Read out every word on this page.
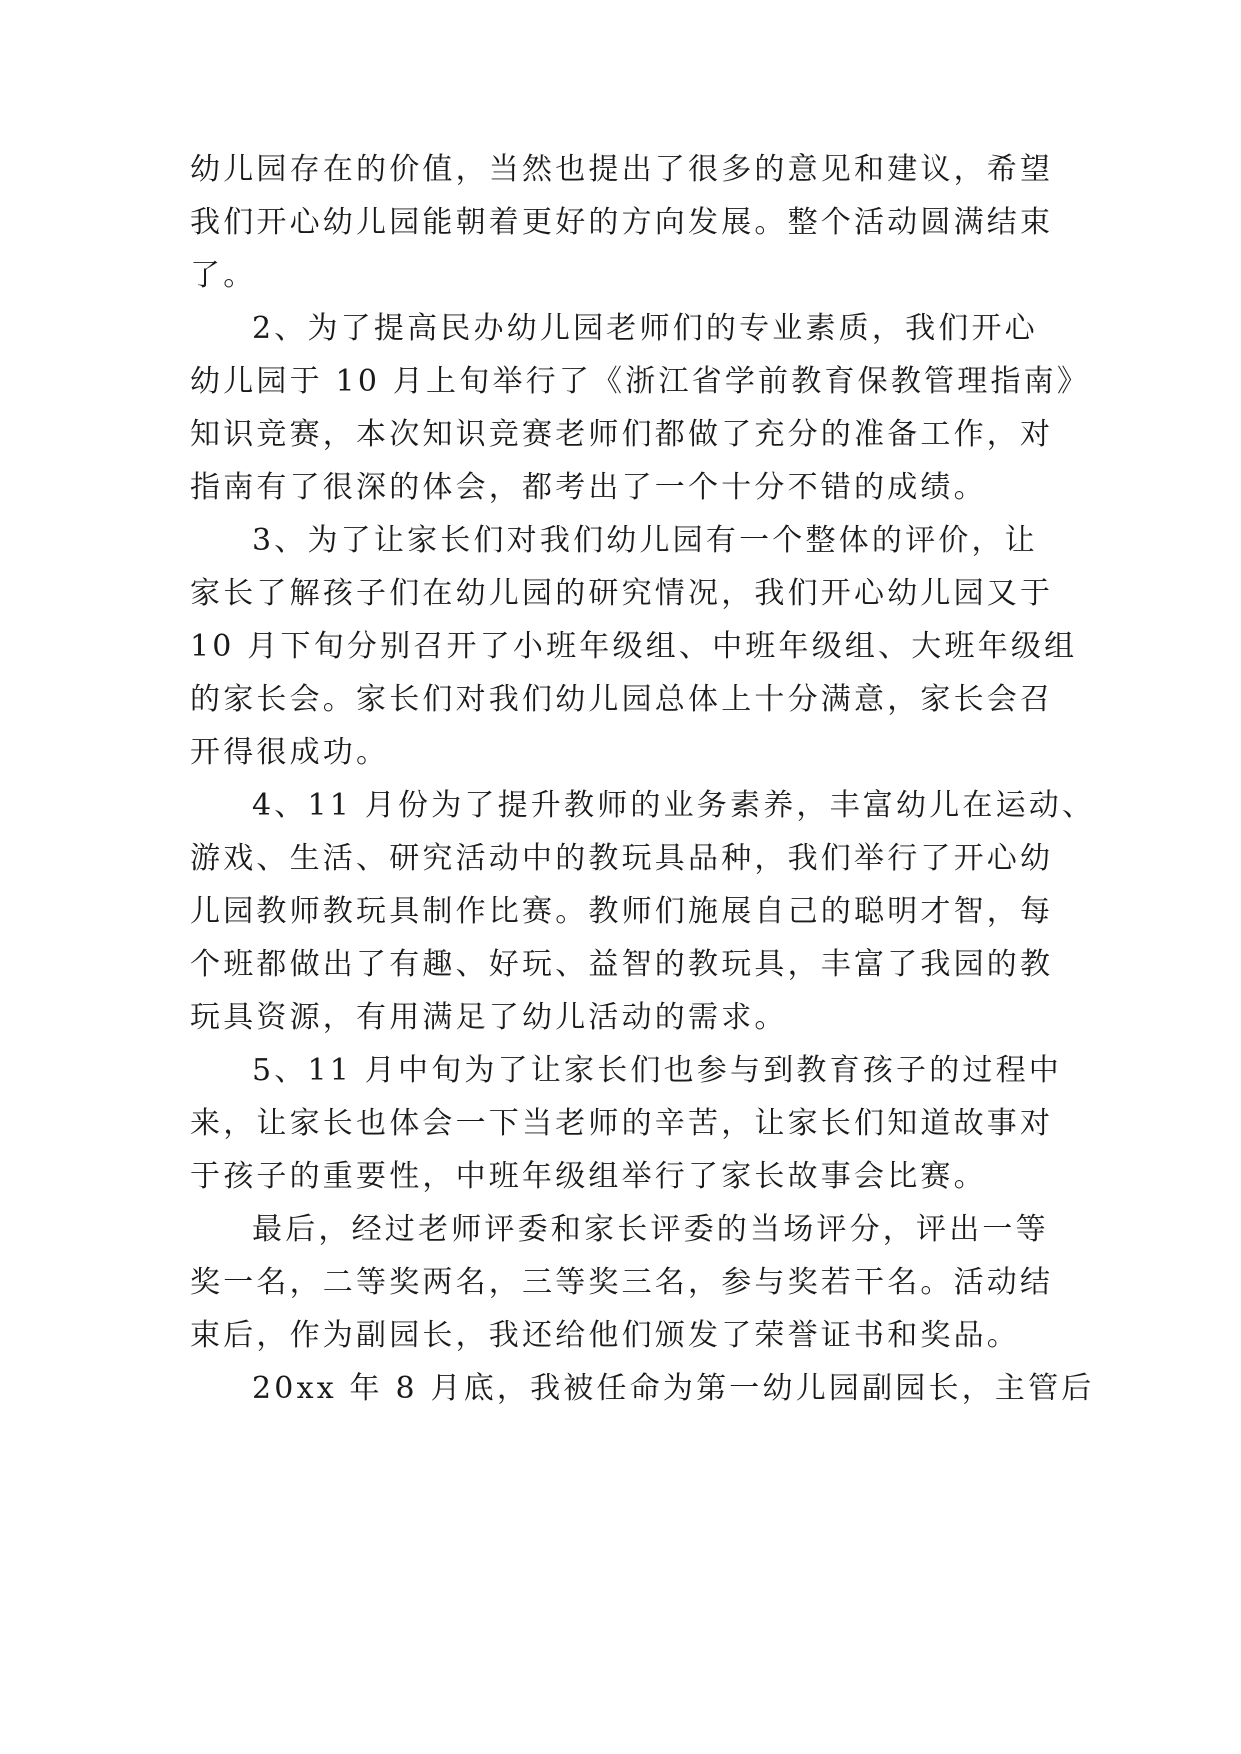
幼儿园存在的价值，当然也提出了很多的意见和建议，希望
我们开心幼儿园能朝着更好的方向发展。整个活动圆满结束
了。
2、为了提高民办幼儿园老师们的专业素质，我们开心
幼儿园于 10 月上旬举行了《浙江省学前教育保教管理指南》
知识竞赛，本次知识竞赛老师们都做了充分的准备工作，对
指南有了很深的体会，都考出了一个十分不错的成绩。
3、为了让家长们对我们幼儿园有一个整体的评价，让
家长了解孩子们在幼儿园的研究情况，我们开心幼儿园又于
10 月下旬分别召开了小班年级组、中班年级组、大班年级组
的家长会。家长们对我们幼儿园总体上十分满意，家长会召
开得很成功。
4、11 月份为了提升教师的业务素养，丰富幼儿在运动、
游戏、生活、研究活动中的教玩具品种，我们举行了开心幼
儿园教师教玩具制作比赛。教师们施展自己的聪明才智，每
个班都做出了有趣、好玩、益智的教玩具，丰富了我园的教
玩具资源，有用满足了幼儿活动的需求。
5、11 月中旬为了让家长们也参与到教育孩子的过程中
来，让家长也体会一下当老师的辛苦，让家长们知道故事对
于孩子的重要性，中班年级组举行了家长故事会比赛。
最后，经过老师评委和家长评委的当场评分，评出一等
奖一名，二等奖两名，三等奖三名，参与奖若干名。活动结
束后，作为副园长，我还给他们颁发了荣誉证书和奖品。
20xx 年 8 月底，我被任命为第一幼儿园副园长，主管后
